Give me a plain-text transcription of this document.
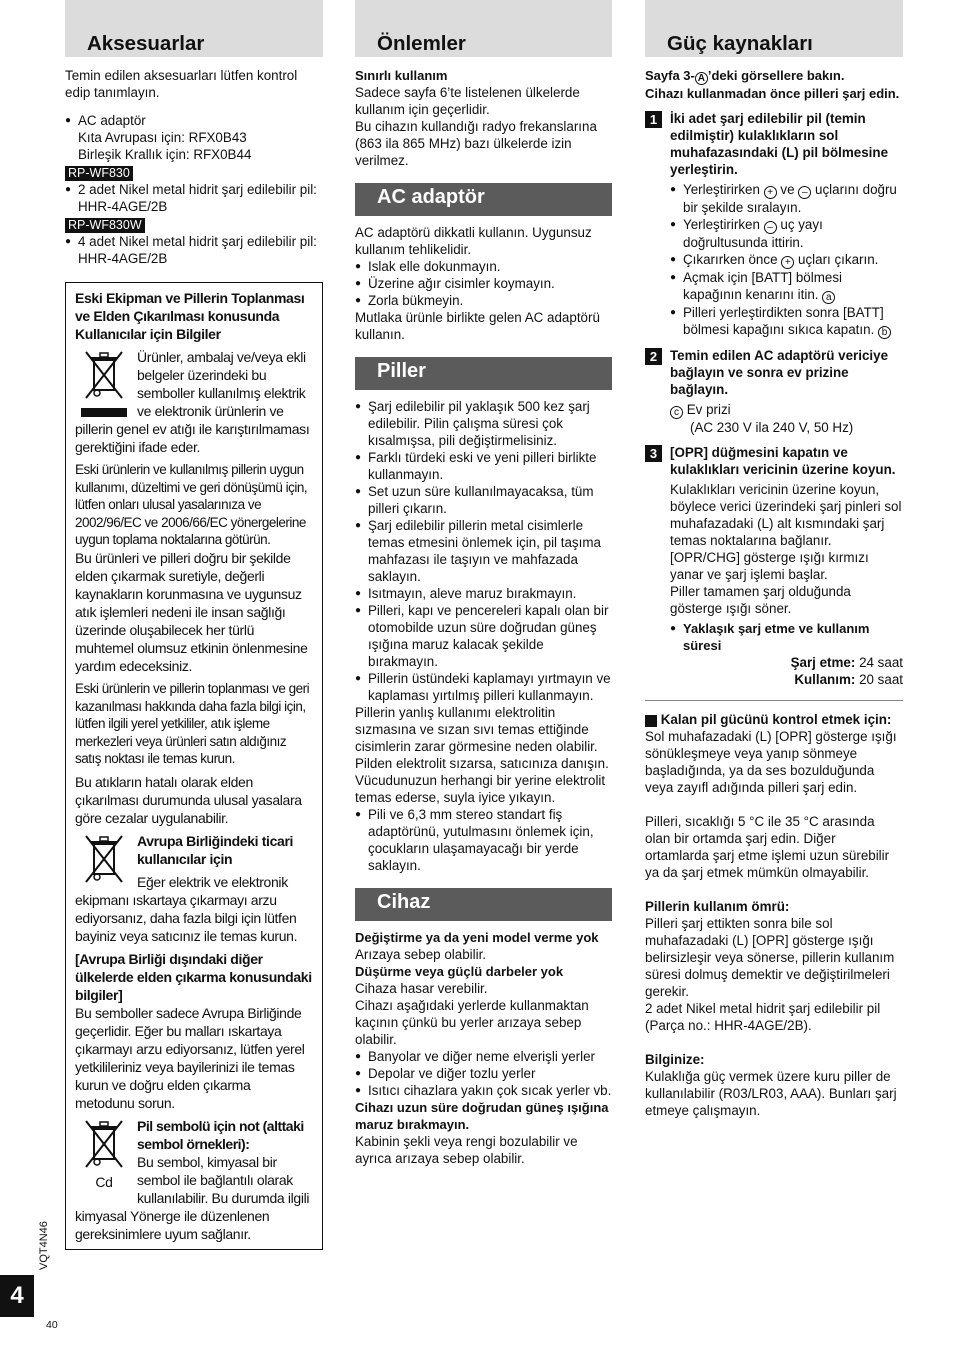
Aksesuarlar

Temin edilen aksesuarları lütfen kontrol edip tanımlayın.

● AC adaptör

Kıta Avrupası için: RFX0B43

Birleşik Krallık için: RFX0B44

RP-WF830
● 2 adet Nikel metal hidrit şarj edilebilir pil: HHR-4AGE/2B
RP-WF830W
● 4 adet Nikel metal hidrit şarj edilebilir pil: HHR-4AGE/2B

Eski Ekipman ve Pillerin Toplanması ve Elden Çıkarılması konusunda Kullanıcılar için Bilgiler

Ürünler, ambalaj ve/veya ekli belgeler üzerindeki bu semboller kullanılmış elektrik ve elektronik ürünlerin ve pillerin genel ev atığı ile karıştırılmaması gerektiğini ifade eder.

Eski ürünlerin ve kullanılmış pillerin uygun kullanımı, düzeltimi ve geri dönüşümü için, lütfen onları ulusal yasalarınıza ve 2002/96/EC ve 2006/66/EC yönergelerine uygun toplama noktalarına götürün.

Bu ürünleri ve pilleri doğru bir şekilde elden çıkarmak suretiyle, değerli kaynakların korunmasına ve uygunsuz atık işlemleri nedeni ile insan sağlığı üzerinde oluşabilecek her türlü muhtemel olumsuz etkinin önlenmesine yardım edeceksiniz.

Eski ürünlerin ve pillerin toplanması ve geri kazanılması hakkında daha fazla bilgi için, lütfen ilgili yerel yetkililer, atık işleme merkezleri veya ürünleri satın aldığınız satış noktası ile temas kurun.

Bu atıkların hatalı olarak elden çıkarılması durumunda ulusal yasalara göre cezalar uygulanabilir.

Avrupa Birliğindeki ticari kullanıcılar için

Eğer elektrik ve elektronik ekipmanı ıskartaya çıkarmayı arzu ediyorsanız, daha fazla bilgi için lütfen bayiniz veya satıcınız ile temas kurun.

[Avrupa Birliği dışındaki diğer ülkelerde elden çıkarma konusundaki bilgiler]

Bu semboller sadece Avrupa Birliğinde geçerlidir. Eğer bu malları ıskartaya çıkarmayı arzu ediyorsanız, lütfen yerel yetkilileriniz veya bayilerinizi ile temas kurun ve doğru elden çıkarma metodunu sorun.

Cd

Pil sembolü için not (alttaki sembol örnekleri):

Bu sembol, kimyasal bir sembol ile bağlantılı olarak kullanılabilir. Bu durumda ilgili kimyasal Yönerge ile düzenlenen gereksinimlere uyum sağlanır.

Önlemler

Sınırlı kullanım

Sadece sayfa 6’te listelenen ülkelerde kullanım için geçerlidir.

Bu cihazın kullandığı radyo frekanslarına (863 ila 865 MHz) bazı ülkelerde izin verilmez.

AC adaptör

AC adaptörü dikkatli kullanın. Uygunsuz kullanım tehlikelidir.

● Islak elle dokunmayın.
● Üzerine ağır cisimler koymayın.
● Zorla bükmeyin.

Mutlaka ürünle birlikte gelen AC adaptörü kullanın.

Piller
● Şarj edilebilir pil yaklaşık 500 kez şarj edilebilir. Pilin çalışma süresi çok kısalmışsa, pili değiştirmelisiniz.
● Farklı türdeki eski ve yeni pilleri birlikte kullanmayın.
● Set uzun süre kullanılmayacaksa, tüm pilleri çıkarın.
● Şarj edilebilir pillerin metal cisimlerle temas etmesini önlemek için, pil taşıma mahfazası ile taşıyın ve mahfazada saklayın.
● Isıtmayın, aleve maruz bırakmayın.
● Pilleri, kapı ve pencereleri kapalı olan bir otomobilde uzun süre doğrudan güneş ışığına maruz kalacak şekilde bırakmayın.
● Pillerin üstündeki kaplamayı yırtmayın ve kaplaması yırtılmış pilleri kullanmayın.

Pillerin yanlış kullanımı elektrolitin sızmasına ve sızan sıvı temas ettiğinde cisimlerin zarar görmesine neden olabilir.

Pilden elektrolit sızarsa, satıcınıza danışın.

Vücudunuzun herhangi bir yerine elektrolit temas ederse, suyla iyice yıkayın.

● Pili ve 6,3 mm stereo standart fiş adaptörünü, yutulmasını önlemek için, çocukların ulaşamayacağı bir yerde saklayın.
Cihaz

Değiştirme ya da yeni model verme yok

Arızaya sebep olabilir.

Düşürme veya güçlü darbeler yok

Cihaza hasar verebilir.

Cihazı aşağıdaki yerlerde kullanmaktan kaçının çünkü bu yerler arızaya sebep olabilir.

● Banyolar ve diğer neme elverişli yerler
● Depolar ve diğer tozlu yerler
● Isıtıcı cihazlara yakın çok sıcak yerler vb.

Cihazı uzun süre doğrudan güneş ışığına maruz bırakmayın.

Kabinin şekli veya rengi bozulabilir ve ayrıca arızaya sebep olabilir.

Güç kaynakları

Sayfa 3- A ’deki görsellere bakın.

Cihazı kullanmadan önce pilleri şarj edin.

1 İki adet şarj edilebilir pil (temin edilmiştir) kulaklıkların sol muhafazasındaki (L) pil bölmesine yerleştirin.

● Yerleştirirken + ve – uçlarını doğru bir şekilde sıralayın.
● Yerleştirirken – uç yayı doğrultusunda ittirin.
● Çıkarırken önce + uçları çıkarın.
● Açmak için [BATT] bölmesi kapağının kenarını itin. a
● Pilleri yerleştirdikten sonra [BATT] bölmesi kapağını sıkıca kapatın. b
2 Temin edilen AC adaptörü vericiye bağlayın ve sonra ev prizine bağlayın.

c Ev prizi

(AC 230 V ila 240 V, 50 Hz)

3 [OPR] düğmesini kapatın ve kulaklıkları vericinin üzerine koyun.

Kulaklıkları vericinin üzerine koyun, böylece verici üzerindeki şarj pinleri sol muhafazadaki (L) alt kısmındaki şarj temas noktalarına bağlanır. [OPR/CHG] gösterge ışığı kırmızı yanar ve şarj işlemi başlar.

Piller tamamen şarj olduğunda gösterge ışığı söner.

● Yaklaşık şarj etme ve kullanım süresi

Şarj etme: 24 saat

Kullanım: 20 saat

A Kalan pil gücünü kontrol etmek için:

Sol muhafazadaki (L) [OPR] gösterge ışığı sönükleşmeye veya yanıp sönmeye başladığında, ya da ses bozulduğunda veya zayıfl adığında pilleri şarj edin.

Pilleri, sıcaklığı 5 °C ile 35 °C arasında olan bir ortamda şarj edin. Diğer ortamlarda şarj etme işlemi uzun sürebilir ya da şarj etmek mümkün olmayabilir.

Pillerin kullanım ömrü:

Pilleri şarj ettikten sonra bile sol muhafazadaki (L) [OPR] gösterge ışığı belirsizleşir veya sönerse, pillerin kullanım süresi dolmuş demektir ve değiştirilmeleri gerekir.

2 adet Nikel metal hidrit şarj edilebilir pil (Parça no.: HHR-4AGE/2B).

Bilginize:

Kulaklığa güç vermek üzere kuru piller de kullanılabilir (R03/LR03, AAA). Bunları şarj etmeye çalışmayın.

4
VQT4N46
40
